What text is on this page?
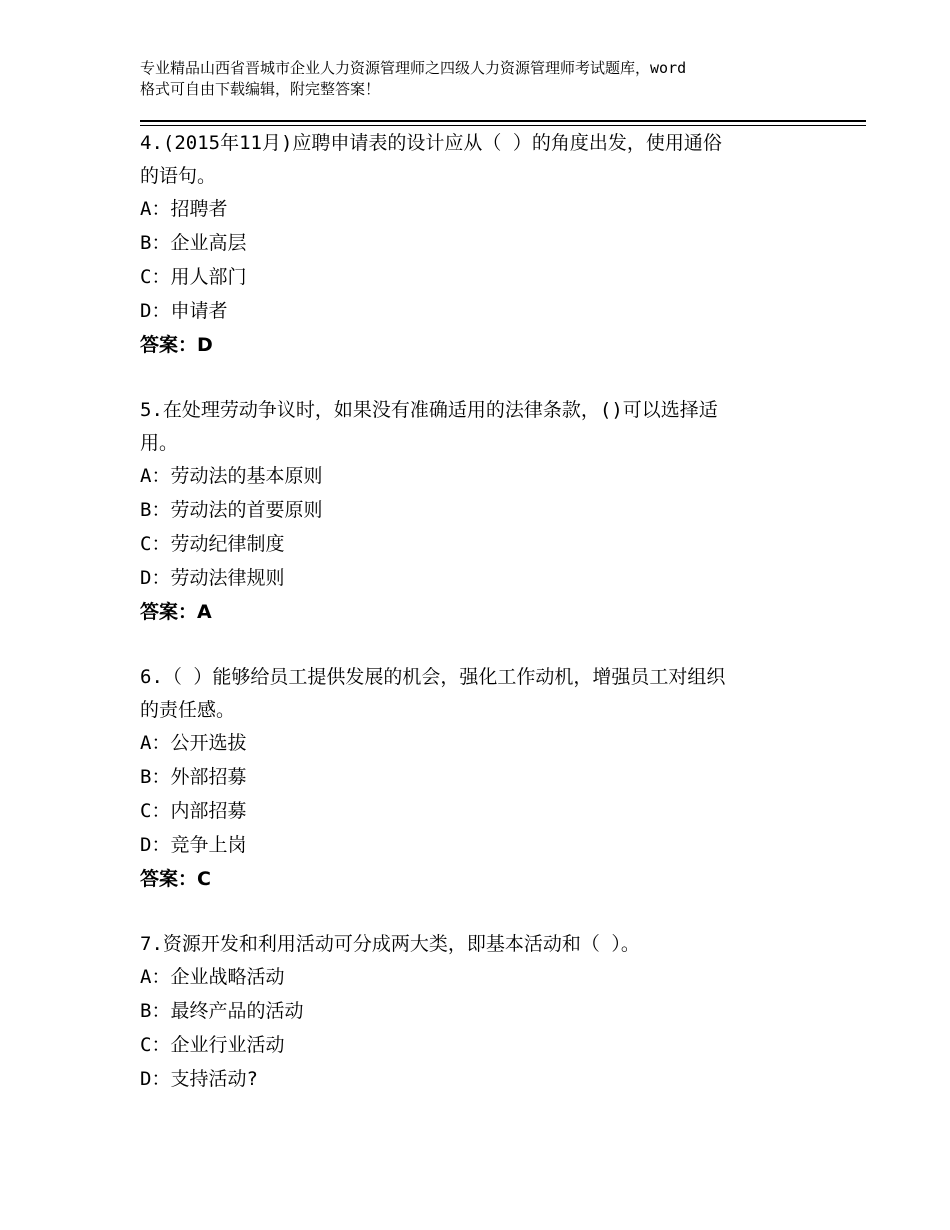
专业精品山西省晋城市企业人力资源管理师之四级人力资源管理师考试题库，word
格式可自由下载编辑，附完整答案！
4.(2015年11月)应聘申请表的设计应从（ ）的角度出发，使用通俗
的语句。
A：招聘者
B：企业高层
C：用人部门
D：申请者
答案：D
5.在处理劳动争议时，如果没有准确适用的法律条款，()可以选择适
用。
A：劳动法的基本原则
B：劳动法的首要原则
C：劳动纪律制度
D：劳动法律规则
答案：A
6.（ ）能够给员工提供发展的机会，强化工作动机，增强员工对组织
的责任感。
A：公开选拔
B：外部招募
C：内部招募
D：竞争上岗
答案：C
7.资源开发和利用活动可分成两大类，即基本活动和（ ）。
A：企业战略活动
B：最终产品的活动
C：企业行业活动
D：支持活动?
